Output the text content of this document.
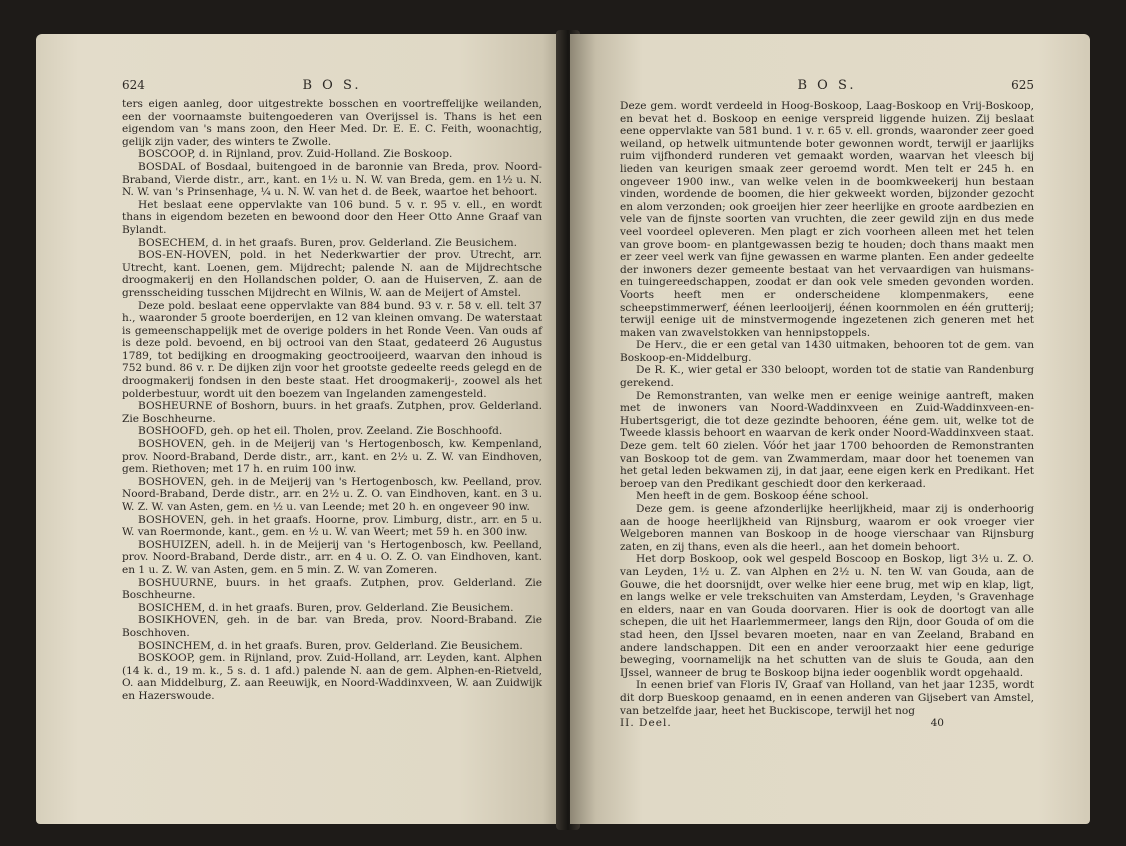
624	B O S.

ters eigen aanleg, door uitgestrekte bosschen en voortreffelijke weilanden, een der voornaamste buitengoederen van Overijssel is. Thans is het een eigendom van 's mans zoon, den Heer Med. Dr. E. E. C. Feith, woonachtig, gelijk zijn vader, des winters te Zwolle.

BOSCOOP, d. in Rijnland, prov. Zuid-Holland. Zie Boskoop.

BOSDAL of Bosdaal, buitengoed in de baronnie van Breda, prov. Noord-Braband, Vierde distr., arr., kant. en 1½ u. N. W. van Breda, gem. en 1½ u. N. N. W. van 's Prinsenhage, ¼ u. N. W. van het d. de Beek, waartoe het behoort.

Het beslaat eene oppervlakte van 106 bund. 5 v. r. 95 v. ell., en wordt thans in eigendom bezeten en bewoond door den Heer Otto Anne Graaf van Bylandt.

BOSECHEM, d. in het graafs. Buren, prov. Gelderland. Zie Beusichem.

BOS-EN-HOVEN, pold. in het Nederkwartier der prov. Utrecht, arr. Utrecht, kant. Loenen, gem. Mijdrecht; palende N. aan de Mijdrechtsche droogmakerij en den Hollandschen polder, O. aan de Huiserven, Z. aan de grensscheiding tusschen Mijdrecht en Wilnis, W. aan de Meijert of Amstel.

Deze pold. beslaat eene oppervlakte van 884 bund. 93 v. r. 58 v. ell. telt 37 h., waaronder 5 groote boerderijen, en 12 van kleinen omvang. De waterstaat is gemeenschappelijk met de overige polders in het Ronde Veen. Van ouds af is deze pold. bevoend, en bij octrooi van den Staat, gedateerd 26 Augustus 1789, tot bedijking en droogmaking geoctrooijeerd, waarvan den inhoud is 752 bund. 86 v. r. De dijken zijn voor het grootste gedeelte reeds gelegd en de droogmakerij fondsen in den beste staat. Het droogmakerij-, zoowel als het polderbestuur, wordt uit den boezem van Ingelanden zamengesteld.

BOSHEURNE of Boshorn, buurs. in het graafs. Zutphen, prov. Gelderland. Zie Boschheurne.

BOSHOOFD, geh. op het eil. Tholen, prov. Zeeland. Zie Boschhoofd.

BOSHOVEN, geh. in de Meijerij van 's Hertogenbosch, kw. Kempenland, prov. Noord-Braband, Derde distr., arr., kant. en 2½ u. Z. W. van Eindhoven, gem. Riethoven; met 17 h. en ruim 100 inw.

BOSHOVEN, geh. in de Meijerij van 's Hertogenbosch, kw. Peelland, prov. Noord-Braband, Derde distr., arr. en 2½ u. Z. O. van Eindhoven, kant. en 3 u. W. Z. W. van Asten, gem. en ½ u. van Leende; met 20 h. en ongeveer 90 inw.

BOSHOVEN, geh. in het graafs. Hoorne, prov. Limburg, distr., arr. en 5 u. W. van Roermonde, kant., gem. en ½ u. W. van Weert; met 59 h. en 300 inw.

BOSHUIZEN, adell. h. in de Meijerij van 's Hertogenbosch, kw. Peelland, prov. Noord-Braband, Derde distr., arr. en 4 u. O. Z. O. van Eindhoven, kant. en 1 u. Z. W. van Asten, gem. en 5 min. Z. W. van Zomeren.

BOSHUURNE, buurs. in het graafs. Zutphen, prov. Gelderland. Zie Boschheurne.

BOSICHEM, d. in het graafs. Buren, prov. Gelderland. Zie Beusichem.

BOSIKHOVEN, geh. in de bar. van Breda, prov. Noord-Braband. Zie Boschhoven.

BOSINCHEM, d. in het graafs. Buren, prov. Gelderland. Zie Beusichem.

BOSKOOP, gem. in Rijnland, prov. Zuid-Holland, arr. Leyden, kant. Alphen (14 k. d., 19 m. k., 5 s. d. 1 afd.) palende N. aan de gem. Alphen-en-Rietveld, O. aan Middelburg, Z. aan Reeuwijk, en Noord-Waddinxveen, W. aan Zuidwijk en Hazerswoude.

B O S.	625

Deze gem. wordt verdeeld in Hoog-Boskoop, Laag-Boskoop en Vrij-Boskoop, en bevat het d. Boskoop en eenige verspreid liggende huizen. Zij beslaat eene oppervlakte van 581 bund. 1 v. r. 65 v. ell. gronds, waaronder zeer goed weiland, op hetwelk uitmuntende boter gewonnen wordt, terwijl er jaarlijks ruim vijfhonderd runderen vet gemaakt worden, waarvan het vleesch bij lieden van keurigen smaak zeer geroemd wordt. Men telt er 245 h. en ongeveer 1900 inw., van welke velen in de boomkweekerij hun bestaan vinden, wordende de boomen, die hier gekweekt worden, bijzonder gezocht en alom verzonden; ook groeijen hier zeer heerlijke en groote aardbezien en vele van de fijnste soorten van vruchten, die zeer gewild zijn en dus mede veel voordeel opleveren. Men plagt er zich voorheen alleen met het telen van grove boom- en plantgewassen bezig te houden; doch thans maakt men er zeer veel werk van fijne gewassen en warme planten. Een ander gedeelte der inwoners dezer gemeente bestaat van het vervaardigen van huismans- en tuingereedschappen, zoodat er dan ook vele smeden gevonden worden. Voorts heeft men er onderscheidene klompenmakers, eene scheepstimmerwerf, éénen leerlooijerij, éénen koornmolen en één grutterij; terwijl eenige uit de minstvermogende ingezetenen zich generen met het maken van zwavelstokken van hennipstoppels.

De Herv., die er een getal van 1430 uitmaken, behooren tot de gem. van Boskoop-en-Middelburg.

De R. K., wier getal er 330 beloopt, worden tot de statie van Randenburg gerekend.

De Remonstranten, van welke men er eenige weinige aantreft, maken met de inwoners van Noord-Waddinxveen en Zuid-Waddinxveen-en-Hubertsgerigt, die tot deze gezindte behooren, ééne gem. uit, welke tot de Tweede klassis behoort en waarvan de kerk onder Noord-Waddinxveen staat. Deze gem. telt 60 zielen. Vóór het jaar 1700 behoorden de Remonstranten van Boskoop tot de gem. van Zwammerdam, maar door het toenemen van het getal leden bekwamen zij, in dat jaar, eene eigen kerk en Predikant. Het beroep van den Predikant geschiedt door den kerkeraad.

Men heeft in de gem. Boskoop ééne school.

Deze gem. is geene afzonderlijke heerlijkheid, maar zij is onderhoorig aan de hooge heerlijkheid van Rijnsburg, waarom er ook vroeger vier Welgeboren mannen van Boskoop in de hooge vierschaar van Rijnsburg zaten, en zij thans, even als die heerl., aan het domein behoort.

Het dorp Boskoop, ook wel gespeld Boscoop en Boskop, ligt 3½ u. Z. O. van Leyden, 1½ u. Z. van Alphen en 2½ u. N. ten W. van Gouda, aan de Gouwe, die het doorsnijdt, over welke hier eene brug, met wip en klap, ligt, en langs welke er vele trekschuiten van Amsterdam, Leyden, 's Gravenhage en elders, naar en van Gouda doorvaren. Hier is ook de doortogt van alle schepen, die uit het Haarlemmermeer, langs den Rijn, door Gouda of om die stad heen, den IJssel bevaren moeten, naar en van Zeeland, Braband en andere landschappen. Dit een en ander veroorzaakt hier eene gedurige beweging, voornamelijk na het schutten van de sluis te Gouda, aan den IJssel, wanneer de brug te Boskoop bijna ieder oogenblik wordt opgehaald.

In eenen brief van Floris IV, Graaf van Holland, van het jaar 1235, wordt dit dorp Bueskoop genaamd, en in eenen anderen van Gijsebert van Amstel, van betzelfde jaar, heet het Buckiscope, terwijl het nog

II. Deel.	40
